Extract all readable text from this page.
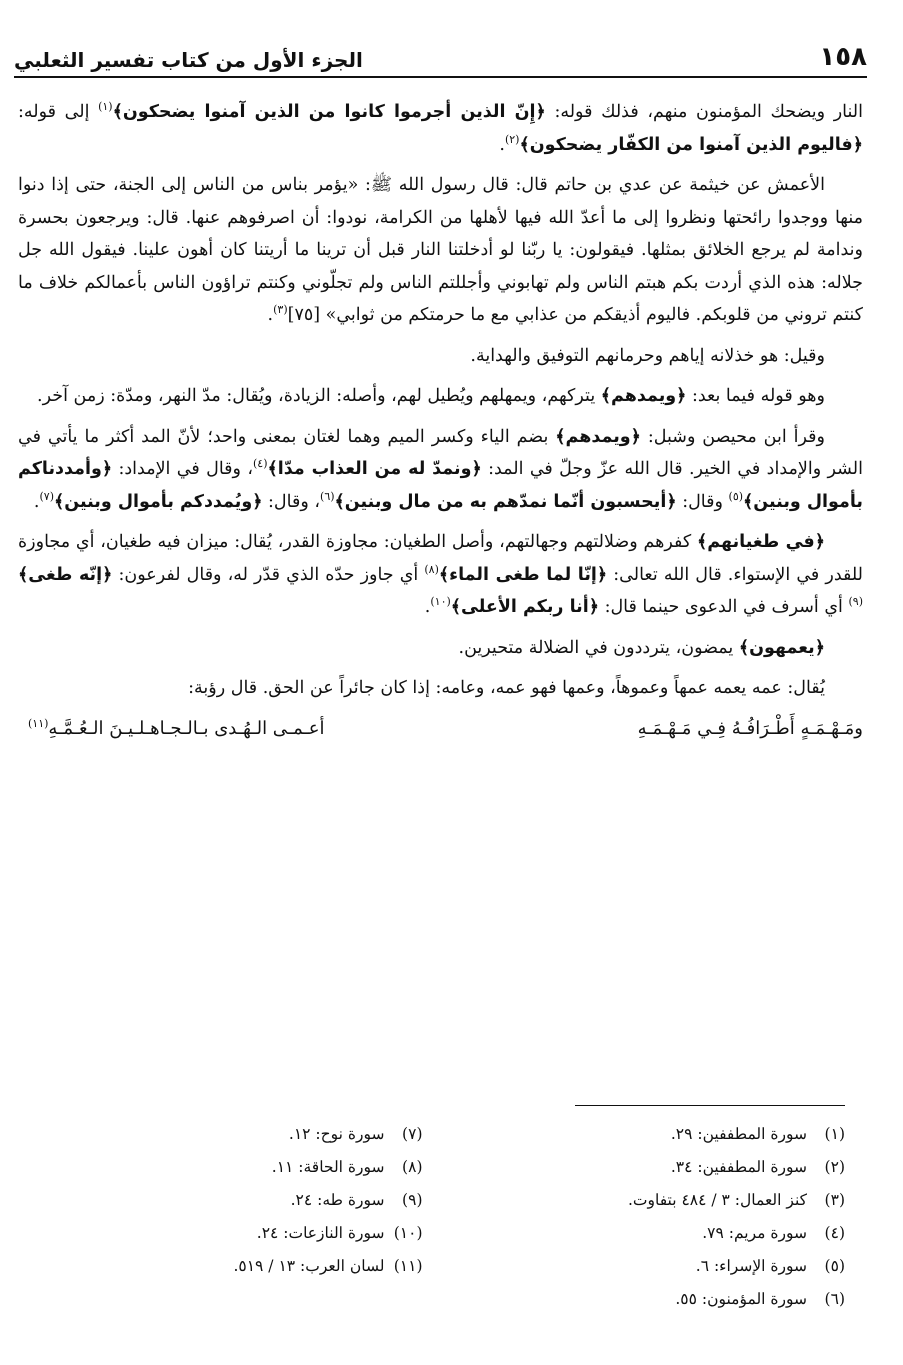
١٥٨
الجزء الأول من كتاب تفسير الثعلبي

النار ويضحك المؤمنون منهم، فذلك قوله: ﴿إِنّ الذين أجرموا كانوا من الذين آمنوا يضحكون﴾$^{(١)}$ إلى قوله: ﴿فاليوم الذين آمنوا من الكفّار يضحكون﴾$^{(٢)}$.

الأعمش عن خيثمة عن عدي بن حاتم قال: قال رسول الله ﷺ: «يؤمر بناس من الناس إلى الجنة، حتى إذا دنوا منها ووجدوا رائحتها ونظروا إلى ما أعدّ الله فيها لأهلها من الكرامة، نودوا: أن اصرفوهم عنها. قال: ويرجعون بحسرة وندامة لم يرجع الخلائق بمثلها. فيقولون: يا ربّنا لو أدخلتنا النار قبل أن ترينا ما أريتنا كان أهون علينا. فيقول الله جل جلاله: هذه الذي أردت بكم هبتم الناس ولم تهابوني وأجللتم الناس ولم تجلّوني وكنتم تراؤون الناس بأعمالكم خلاف ما كنتم تروني من قلوبكم. فاليوم أذيقكم من عذابي مع ما حرمتكم من ثوابي» [٧٥]$^{(٣)}$.

وقيل: هو خذلانه إياهم وحرمانهم التوفيق والهداية.

وهو قوله فيما بعد: ﴿ويمدهم﴾ يتركهم، ويمهلهم ويُطيل لهم، وأصله: الزيادة، ويُقال: مدّ النهر، ومدّة: زمن آخر.

وقرأ ابن محيصن وشبل: ﴿ويمدهم﴾ بضم الياء وكسر الميم وهما لغتان بمعنى واحد؛ لأنّ المد أكثر ما يأتي في الشر والإمداد في الخير. قال الله عزّ وجلّ في المد: ﴿ونمدّ له من العذاب مدّا﴾$^{(٤)}$، وقال في الإمداد: ﴿وأمددناكم بأموال وبنين﴾$^{(٥)}$ وقال: ﴿أيحسبون أنّما نمدّهم به من مال وبنين﴾$^{(٦)}$، وقال: ﴿ويُمددكم بأموال وبنين﴾$^{(٧)}$.

﴿في طغيانهم﴾ كفرهم وضلالتهم وجهالتهم، وأصل الطغيان: مجاوزة القدر، يُقال: ميزان فيه طغيان، أي مجاوزة للقدر في الإستواء. قال الله تعالى: ﴿إنّا لما طغى الماء﴾$^{(٨)}$ أي جاوز حدّه الذي قدّر له، وقال لفرعون: ﴿إنّه طغى﴾$^{(٩)}$ أي أسرف في الدعوى حينما قال: ﴿أنا ربكم الأعلى﴾$^{(١٠)}$.

﴿يعمهون﴾ يمضون، يترددون في الضلالة متحيرين.

يُقال: عمه يعمه عمهاً وعموهاً، وعمها فهو عمه، وعامه: إذا كان جائراً عن الحق. قال رؤبة:

ومَـهْـمَـهٍ أَطْـرَافُـهُ فِـي مَـهْـمَـهِ
أعـمـى الـهُـدى بـالـجـاهـلـيـنَ الـعُـمَّـهِ$^{(١١)}$
(١)سورة المطففين: ٢٩.
(٢)سورة المطففين: ٣٤.
(٣)كنز العمال: ٣ / ٤٨٤ بتفاوت.
(٤)سورة مريم: ٧٩.
(٥)سورة الإسراء: ٦.
(٦)سورة المؤمنون: ٥٥.
(٧)سورة نوح: ١٢.
(٨)سورة الحاقة: ١١.
(٩)سورة طه: ٢٤.
(١٠)سورة النازعات: ٢٤.
(١١)لسان العرب: ١٣ / ٥١٩.
